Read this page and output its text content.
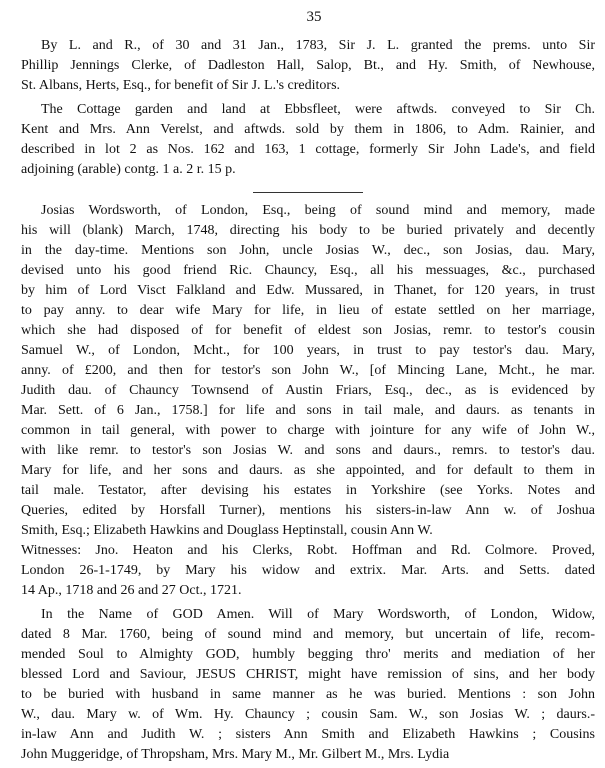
35
By L. and R., of 30 and 31 Jan., 1783, Sir J. L. granted the prems. unto Sir
Phillip Jennings Clerke, of Dadleston Hall, Salop, Bt., and Hy. Smith, of Newhouse,
St. Albans, Herts, Esq., for benefit of Sir J. L.'s creditors.
The Cottage garden and land at Ebbsfleet, were aftwds. conveyed to Sir Ch.
Kent and Mrs. Ann Verelst, and aftwds. sold by them in 1806, to Adm. Rainier, and
described in lot 2 as Nos. 162 and 163, 1 cottage, formerly Sir John Lade's, and field
adjoining (arable) contg. 1 a. 2 r. 15 p.
Josias Wordsworth, of London, Esq., being of sound mind and memory, made
his will (blank) March, 1748, directing his body to be buried privately and decently
in the day-time. Mentions son John, uncle Josias W., dec., son Josias, dau. Mary,
devised unto his good friend Ric. Chauncy, Esq., all his messuages, &c., purchased
by him of Lord Visct Falkland and Edw. Mussared, in Thanet, for 120 years, in trust
to pay anny. to dear wife Mary for life, in lieu of estate settled on her marriage,
which she had disposed of for benefit of eldest son Josias, remr. to testor's cousin
Samuel W., of London, Mcht., for 100 years, in trust to pay testor's dau. Mary,
anny. of £200, and then for testor's son John W., [of Mincing Lane, Mcht., he mar.
Judith dau. of Chauncy Townsend of Austin Friars, Esq., dec., as is evidenced by
Mar. Sett. of 6 Jan., 1758.] for life and sons in tail male, and daurs. as tenants in
common in tail general, with power to charge with jointure for any wife of John W.,
with like remr. to testor's son Josias W. and sons and daurs., remrs. to testor's dau.
Mary for life, and her sons and daurs. as she appointed, and for default to them in
tail male. Testator, after devising his estates in Yorkshire (see Yorks. Notes and
Queries, edited by Horsfall Turner), mentions his sisters-in-law Ann w. of Joshua
Smith, Esq.; Elizabeth Hawkins and Douglass Heptinstall, cousin Ann W.
Witnesses: Jno. Heaton and his Clerks, Robt. Hoffman and Rd. Colmore. Proved,
London 26-1-1749, by Mary his widow and extrix. Mar. Arts. and Setts. dated
14 Ap., 1718 and 26 and 27 Oct., 1721.
In the Name of GOD Amen. Will of Mary Wordsworth, of London, Widow,
dated 8 Mar. 1760, being of sound mind and memory, but uncertain of life, recom-
mended Soul to Almighty GOD, humbly begging thro' merits and mediation of her
blessed Lord and Saviour, JESUS CHRIST, might have remission of sins, and her body
to be buried with husband in same manner as he was buried. Mentions : son John
W., dau. Mary w. of Wm. Hy. Chauncy ; cousin Sam. W., son Josias W. ; daurs.-
in-law Ann and Judith W. ; sisters Ann Smith and Elizabeth Hawkins ; Cousins
John Muggeridge, of Thropsham, Mrs. Mary M., Mr. Gilbert M., Mrs. Lydia
